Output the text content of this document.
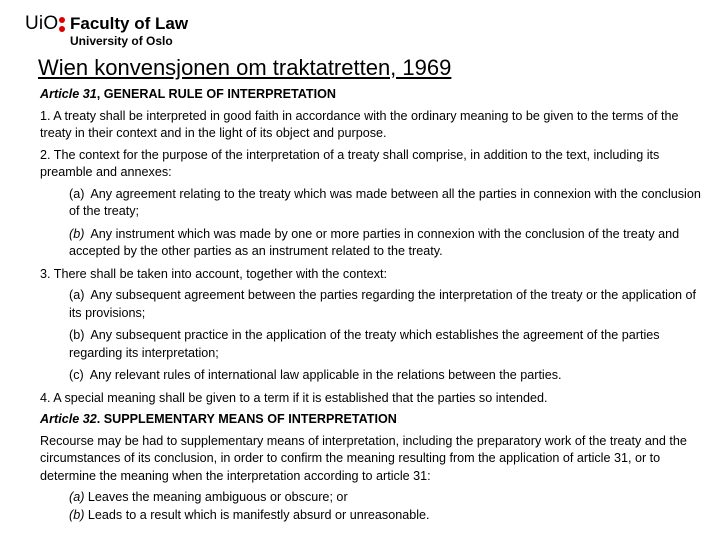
UiO Faculty of Law
University of Oslo
Wien konvensjonen om traktatretten, 1969

Article 31, GENERAL RULE OF INTERPRETATION

1. A treaty shall be interpreted in good faith in accordance with the ordinary meaning to be given to the terms of the treaty in their context and in the light of its object and purpose.

2. The context for the purpose of the interpretation of a treaty shall comprise, in addition to the text, including its preamble and annexes:

(a) Any agreement relating to the treaty which was made between all the parties in connexion with the conclusion of the treaty;

(b) Any instrument which was made by one or more parties in connexion with the conclusion of the treaty and accepted by the other parties as an instrument related to the treaty.

3. There shall be taken into account, together with the context:

(a) Any subsequent agreement between the parties regarding the interpretation of the treaty or the application of its provisions;

(b) Any subsequent practice in the application of the treaty which establishes the agreement of the parties regarding its interpretation;

(c) Any relevant rules of international law applicable in the relations between the parties.

4. A special meaning shall be given to a term if it is established that the parties so intended.

Article 32. SUPPLEMENTARY MEANS OF INTERPRETATION

Recourse may be had to supplementary means of interpretation, including the preparatory work of the treaty and the circumstances of its conclusion, in order to confirm the meaning resulting from the application of article 31, or to determine the meaning when the interpretation according to article 31:

(a) Leaves the meaning ambiguous or obscure; or

(b) Leads to a result which is manifestly absurd or unreasonable.
